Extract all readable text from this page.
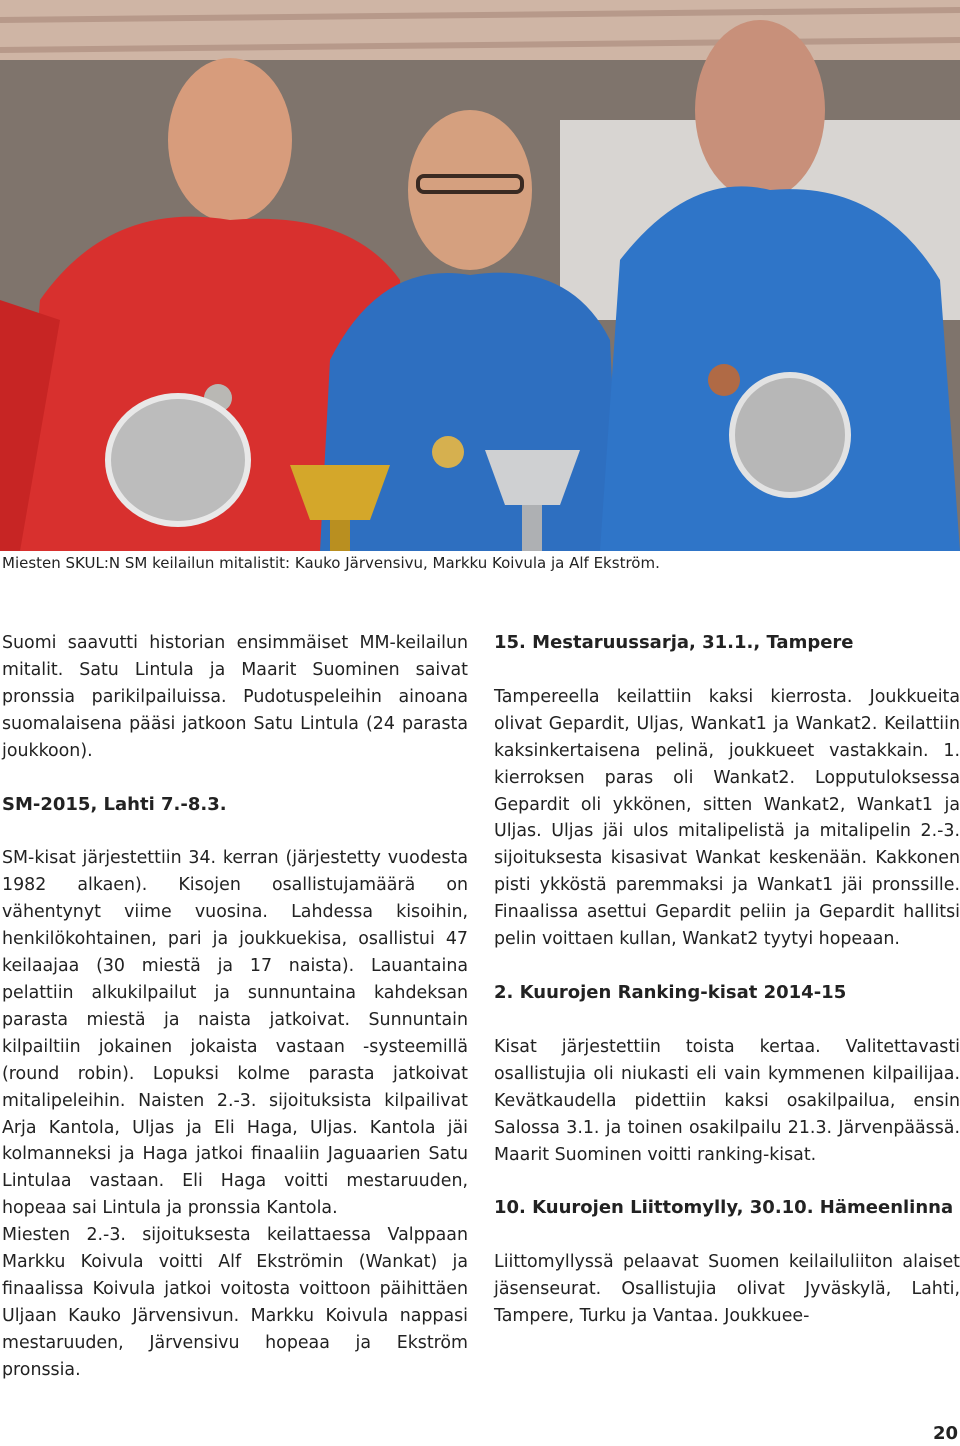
Miesten SKUL:N SM keilailun mitalistit: Kauko Järvensivu, Markku Koivula ja Alf Ekström.

Suomi saavutti historian ensimmäiset MM-keilailun mitalit. Satu Lintula ja Maarit Suominen saivat pronssia parikilpailuissa. Pudotuspeleihin ainoana suomalaisena pääsi jatkoon Satu Lintula (24 parasta joukkoon).

SM-2015, Lahti 7.-8.3.

SM-kisat järjestettiin 34. kerran (järjestetty vuodesta 1982 alkaen). Kisojen osallistujamäärä on vähentynyt viime vuosina. Lahdessa kisoihin, henkilökohtainen, pari ja joukkuekisa, osallistui 47 keilaajaa (30 miestä ja 17 naista). Lauantaina pelattiin alkukilpailut ja sunnuntaina kahdeksan parasta miestä ja naista jatkoivat. Sunnuntain kilpailtiin jokainen jokaista vastaan -systeemillä (round robin). Lopuksi kolme parasta jatkoivat mitalipeleihin. Naisten 2.-3. sijoituksista kilpailivat Arja Kantola, Uljas ja Eli Haga, Uljas. Kantola jäi kolmanneksi ja Haga jatkoi finaaliin Jaguaarien Satu Lintulaa vastaan. Eli Haga voitti mestaruuden, hopeaa sai Lintula ja pronssia Kantola.

Miesten 2.-3. sijoituksesta keilattaessa Valppaan Markku Koivula voitti Alf Ekströmin (Wankat) ja finaalissa Koivula jatkoi voitosta voittoon päihittäen Uljaan Kauko Järvensivun. Markku Koivula nappasi mestaruuden, Järvensivu hopeaa ja Ekström pronssia.

15. Mestaruussarja, 31.1., Tampere

Tampereella keilattiin kaksi kierrosta. Joukkueita olivat Gepardit, Uljas, Wankat1 ja Wankat2. Keilattiin kaksinkertaisena pelinä, joukkueet vastakkain. 1. kierroksen paras oli Wankat2. Lopputuloksessa Gepardit oli ykkönen, sitten Wankat2, Wankat1 ja Uljas. Uljas jäi ulos mitalipelistä ja mitalipelin 2.-3. sijoituksesta kisasivat Wankat keskenään. Kakkonen pisti ykköstä paremmaksi ja Wankat1 jäi pronssille. Finaalissa asettui Gepardit peliin ja Gepardit hallitsi pelin voittaen kullan, Wankat2 tyytyi hopeaan.

2. Kuurojen Ranking-kisat 2014-15

Kisat järjestettiin toista kertaa. Valitettavasti osallistujia oli niukasti eli vain kymmenen kilpailijaa. Kevätkaudella pidettiin kaksi osakilpailua, ensin Salossa 3.1. ja toinen osakilpailu 21.3. Järvenpäässä. Maarit Suominen voitti ranking-kisat.

10. Kuurojen Liittomylly, 30.10. Hämeenlinna

Liittomyllyssä pelaavat Suomen keilailuliiton alaiset jäsenseurat. Osallistujia olivat Jyväskylä, Lahti, Tampere, Turku ja Vantaa. Joukkuee-

20
